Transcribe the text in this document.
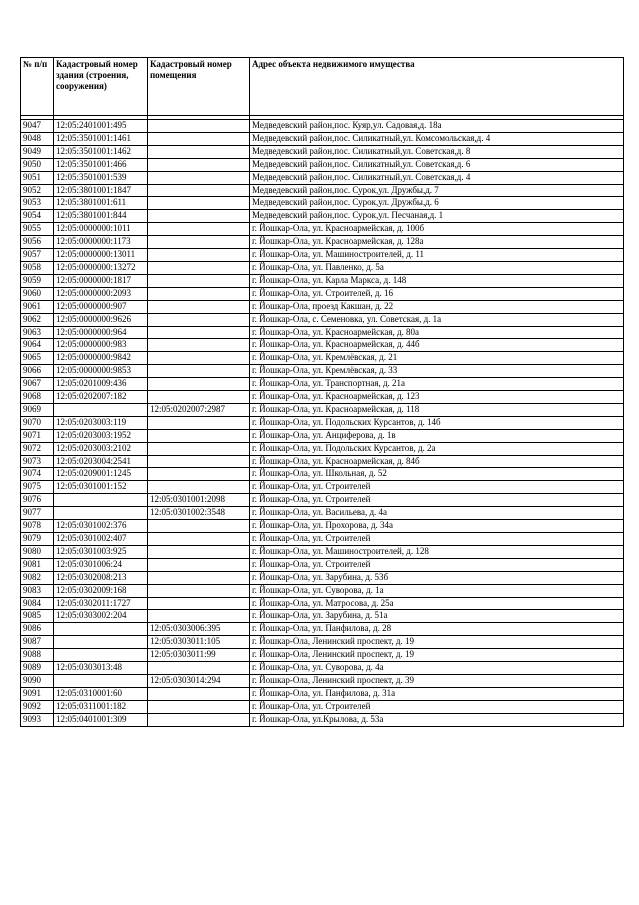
№ п/п	Кадастровый номер здания (строения, сооружения)	Кадастровый номер помещения	Адрес объекта недвижимого имущества

9047	12:05:2401001:495		Медведевский район,пос. Куяр,ул. Садовая,д. 18а
9048	12:05:3501001:1461		Медведевский район,пос. Силикатный,ул. Комсомольская,д. 4
9049	12:05:3501001:1462		Медведевский район,пос. Силикатный,ул. Советская,д. 8
9050	12:05:3501001:466		Медведевский район,пос. Силикатный,ул. Советская,д. 6
9051	12:05:3501001:539		Медведевский район,пос. Силикатный,ул. Советская,д. 4
9052	12:05:3801001:1847		Медведевский район,пос. Сурок,ул. Дружбы,д. 7
9053	12:05:3801001:611		Медведевский район,пос. Сурок,ул. Дружбы,д. 6
9054	12:05:3801001:844		Медведевский район,пос. Сурок,ул. Песчаная,д. 1
9055	12:05:0000000:1011		г. Йошкар-Ола, ул. Красноармейская, д. 100б
9056	12:05:0000000:1173		г. Йошкар-Ола, ул. Красноармейская, д. 128а
9057	12:05:0000000:13011		г. Йошкар-Ола, ул. Машиностроителей, д. 11
9058	12:05:0000000:13272		г. Йошкар-Ола, ул. Павленко, д. 5а
9059	12:05:0000000:1817		г. Йошкар-Ола, ул. Карла Маркса, д. 148
9060	12:05:0000000:2093		г. Йошкар-Ола, ул. Строителей, д. 16
9061	12:05:0000000:907		г. Йошкар-Ола, проезд Какшан, д. 22
9062	12:05:0000000:9626		г. Йошкар-Ола, с. Семеновка, ул. Советская, д. 1а
9063	12:05:0000000:964		г. Йошкар-Ола, ул. Красноармейская, д. 80а
9064	12:05:0000000:983		г. Йошкар-Ола, ул. Красноармейская, д. 44б
9065	12:05:0000000:9842		г. Йошкар-Ола, ул. Кремлёвская, д. 21
9066	12:05:0000000:9853		г. Йошкар-Ола, ул. Кремлёвская, д. 33
9067	12:05:0201009:436		г. Йошкар-Ола, ул. Транспортная, д. 21а
9068	12:05:0202007:182		г. Йошкар-Ола, ул. Красноармейская, д. 123
9069		12:05:0202007:2987	г. Йошкар-Ола, ул. Красноармейская, д. 118
9070	12:05:0203003:119		г. Йошкар-Ола, ул. Подольских Курсантов, д. 14б
9071	12:05:0203003:1952		г. Йошкар-Ола, ул. Анциферова, д. 1в
9072	12:05:0203003:2102		г. Йошкар-Ола, ул. Подольских Курсантов, д. 2а
9073	12:05:0203004:2541		г. Йошкар-Ола, ул. Красноармейская, д. 84б
9074	12:05:0209001:1245		г. Йошкар-Ола, ул. Школьная, д. 52
9075	12:05:0301001:152		г. Йошкар-Ола, ул. Строителей
9076		12:05:0301001:2098	г. Йошкар-Ола, ул. Строителей
9077		12:05:0301002:3548	г. Йошкар-Ола, ул. Васильева, д. 4а
9078	12:05:0301002:376		г. Йошкар-Ола, ул. Прохорова, д. 34а
9079	12:05:0301002:407		г. Йошкар-Ола, ул. Строителей
9080	12:05:0301003:925		г. Йошкар-Ола, ул. Машиностроителей, д. 128
9081	12:05:0301006:24		г. Йошкар-Ола, ул. Строителей
9082	12:05:0302008:213		г. Йошкар-Ола, ул. Зарубина, д. 53б
9083	12:05:0302009:168		г. Йошкар-Ола, ул. Суворова, д. 1а
9084	12:05:0302011:1727		г. Йошкар-Ола, ул. Матросова, д. 25а
9085	12:05:0303002:204		г. Йошкар-Ола, ул. Зарубина, д. 51а
9086		12:05:0303006:395	г. Йошкар-Ола, ул. Панфилова, д. 28
9087		12:05:0303011:105	г. Йошкар-Ола, Ленинский проспект, д. 19
9088		12:05:0303011:99	г. Йошкар-Ола, Ленинский проспект, д. 19
9089	12:05:0303013:48		г. Йошкар-Ола, ул. Суворова, д. 4а
9090		12:05:0303014:294	г. Йошкар-Ола, Ленинский проспект, д. 39
9091	12:05:0310001:60		г. Йошкар-Ола, ул. Панфилова, д. 31а
9092	12:05:0311001:182		г. Йошкар-Ола, ул. Строителей
9093	12:05:0401001:309		г. Йошкар-Ола, ул.Крылова, д. 53а
